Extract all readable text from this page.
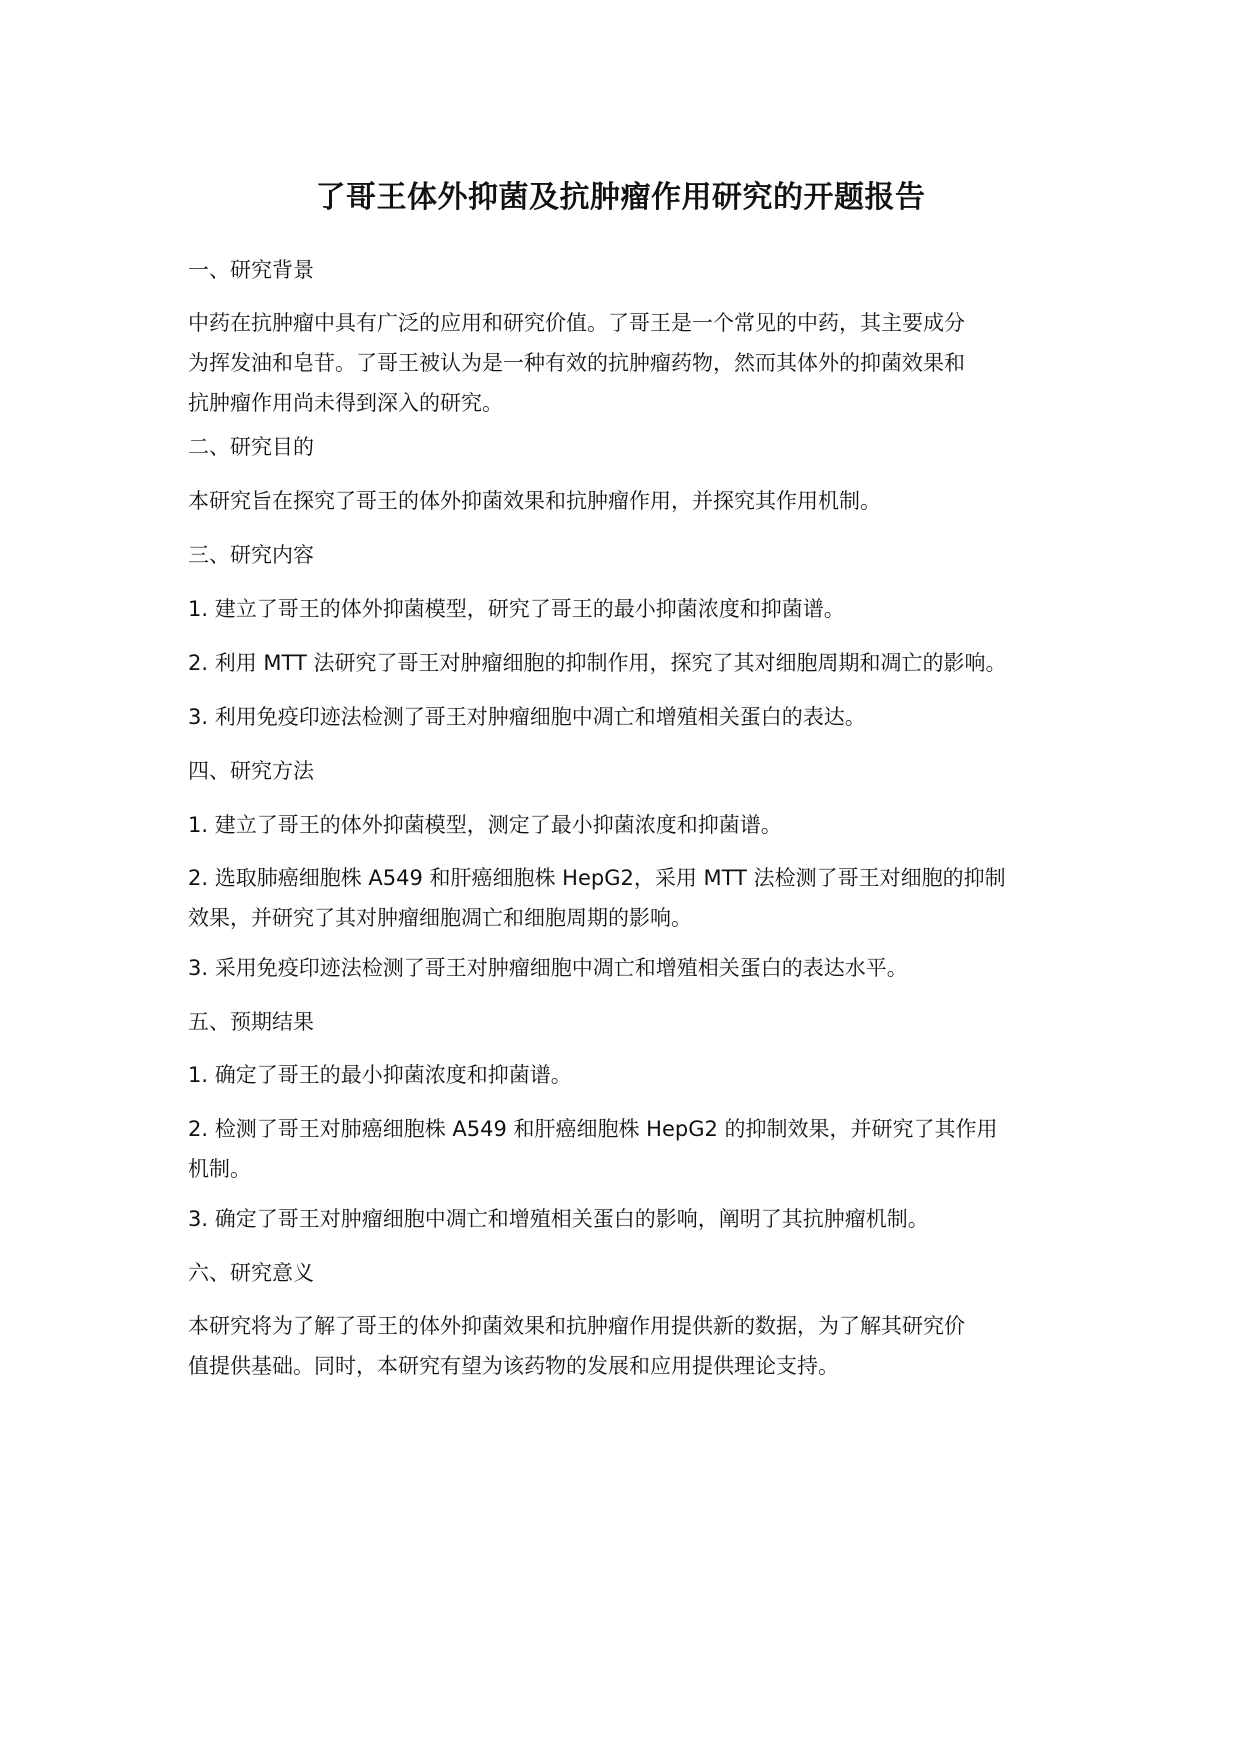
了哥王体外抑菌及抗肿瘤作用研究的开题报告
一、研究背景
中药在抗肿瘤中具有广泛的应用和研究价值。了哥王是一个常见的中药，其主要成分
为挥发油和皂苷。了哥王被认为是一种有效的抗肿瘤药物，然而其体外的抑菌效果和
抗肿瘤作用尚未得到深入的研究。
二、研究目的
本研究旨在探究了哥王的体外抑菌效果和抗肿瘤作用，并探究其作用机制。
三、研究内容
1. 建立了哥王的体外抑菌模型，研究了哥王的最小抑菌浓度和抑菌谱。
2. 利用 MTT 法研究了哥王对肿瘤细胞的抑制作用，探究了其对细胞周期和凋亡的影响。
3. 利用免疫印迹法检测了哥王对肿瘤细胞中凋亡和增殖相关蛋白的表达。
四、研究方法
1. 建立了哥王的体外抑菌模型，测定了最小抑菌浓度和抑菌谱。
2. 选取肺癌细胞株 A549 和肝癌细胞株 HepG2，采用 MTT 法检测了哥王对细胞的抑制
效果，并研究了其对肿瘤细胞凋亡和细胞周期的影响。
3. 采用免疫印迹法检测了哥王对肿瘤细胞中凋亡和增殖相关蛋白的表达水平。
五、预期结果
1. 确定了哥王的最小抑菌浓度和抑菌谱。
2. 检测了哥王对肺癌细胞株 A549 和肝癌细胞株 HepG2 的抑制效果，并研究了其作用
机制。
3. 确定了哥王对肿瘤细胞中凋亡和增殖相关蛋白的影响，阐明了其抗肿瘤机制。
六、研究意义
本研究将为了解了哥王的体外抑菌效果和抗肿瘤作用提供新的数据，为了解其研究价
值提供基础。同时，本研究有望为该药物的发展和应用提供理论支持。
